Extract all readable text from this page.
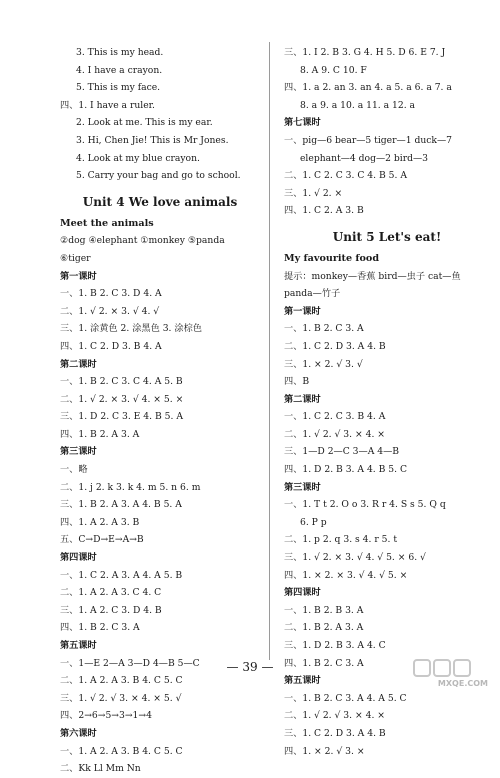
3. This is my head.
4. I have a crayon.
5. This is my face.
四、1. I have a ruler.
2. Look at me. This is my ear.
3. Hi, Chen Jie! This is Mr Jones.
4. Look at my blue crayon.
5. Carry your bag and go to school.
Unit 4 We love animals
Meet the animals
②dog ④elephant ①monkey ⑤panda
⑥tiger
第一课时
一、1. B 2. C 3. D 4. A
二、1. √ 2. × 3. √ 4. √
三、1. 涂黄色 2. 涂黑色 3. 涂棕色
四、1. C 2. D 3. B 4. A
第二课时
一、1. B 2. C 3. C 4. A 5. B
二、1. √ 2. × 3. √ 4. × 5. ×
三、1. D 2. C 3. E 4. B 5. A
四、1. B 2. A 3. A
第三课时
一、略
二、1. j 2. k 3. k 4. m 5. n 6. m
三、1. B 2. A 3. A 4. B 5. A
四、1. A 2. A 3. B
五、C→D→E→A→B
第四课时
一、1. C 2. A 3. A 4. A 5. B
二、1. A 2. A 3. C 4. C
三、1. A 2. C 3. D 4. B
四、1. B 2. C 3. A
第五课时
一、1—E 2—A 3—D 4—B 5—C
二、1. A 2. A 3. B 4. C 5. C
三、1. √ 2. √ 3. × 4. × 5. √
四、2→6→5→3→1→4
第六课时
一、1. A 2. A 3. B 4. C 5. C
二、Kk Ll Mm Nn
三、1. I 2. B 3. G 4. H 5. D 6. E 7. J
8. A 9. C 10. F
四、1. a 2. an 3. an 4. a 5. a 6. a 7. a
8. a 9. a 10. a 11. a 12. a
第七课时
一、pig—6 bear—5 tiger—1 duck—7
elephant—4 dog—2 bird—3
二、1. C 2. C 3. C 4. B 5. A
三、1. √ 2. ×
四、1. C 2. A 3. B
Unit 5 Let's eat!
My favourite food
提示：monkey—香蕉 bird—虫子 cat—鱼
panda—竹子
第一课时
一、1. B 2. C 3. A
二、1. C 2. D 3. A 4. B
三、1. × 2. √ 3. √
四、B
第二课时
一、1. C 2. C 3. B 4. A
二、1. √ 2. √ 3. × 4. ×
三、1—D 2—C 3—A 4—B
四、1. D 2. B 3. A 4. B 5. C
第三课时
一、1. T t 2. O o 3. R r 4. S s 5. Q q
6. P p
二、1. p 2. q 3. s 4. r 5. t
三、1. √ 2. × 3. √ 4. √ 5. × 6. √
四、1. × 2. × 3. √ 4. √ 5. ×
第四课时
一、1. B 2. B 3. A
二、1. B 2. A 3. A
三、1. D 2. B 3. A 4. C
四、1. B 2. C 3. A
第五课时
一、1. B 2. C 3. A 4. A 5. C
二、1. √ 2. √ 3. × 4. ×
三、1. C 2. D 3. A 4. B
四、1. × 2. √ 3. ×
— 39 —
MXQE.COM
